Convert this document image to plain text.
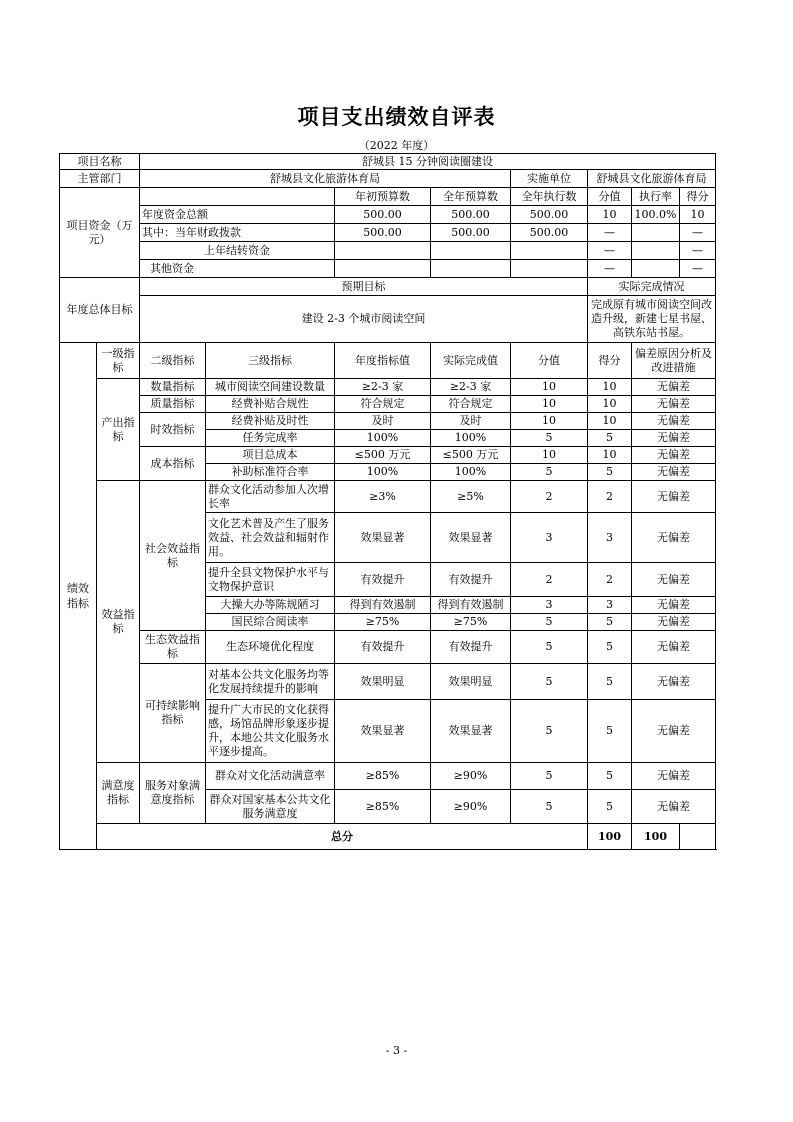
项目支出绩效自评表
（2022 年度）
项目名称		舒城县 15 分钟阅读圈建设							
主管部门		舒城县文化旅游体育局				实施单位	舒城县文化旅游体育局		
项目资金（万元）				年初预算数	全年预算数	全年执行数	分值	执行率	得分
		年度资金总额		500.00	500.00	500.00	10	100.0%	10
		其中：当年财政拨款		500.00	500.00	500.00	—		—
		上年结转资金					—		—
		其他资金					—		—
年度总体目标		预期目标					实际完成情况		
		建设 2-3 个城市阅读空间					完成原有城市阅读空间改造升级，新建七星书屋、高铁东站书屋。		
绩效指标	一级指标	二级指标	三级指标	年度指标值	实际完成值	分值	得分	偏差原因分析及改进措施	
	产出指标	数量指标	城市阅读空间建设数量	≥2-3 家	≥2-3 家	10	10	无偏差	
		质量指标	经费补贴合规性	符合规定	符合规定	10	10	无偏差	
		时效指标	经费补贴及时性	及时	及时	10	10	无偏差	
			任务完成率	100%	100%	5	5	无偏差	
		成本指标	项目总成本	≤500 万元	≤500 万元	10	10	无偏差	
			补助标准符合率	100%	100%	5	5	无偏差	
	效益指标	社会效益指标	群众文化活动参加人次增长率	≥3%	≥5%	2	2	无偏差	
			文化艺术普及产生了服务效益、社会效益和辐射作用。	效果显著	效果显著	3	3	无偏差	
			提升全县文物保护水平与文物保护意识	有效提升	有效提升	2	2	无偏差	
			大操大办等陈规陋习	得到有效遏制	得到有效遏制	3	3	无偏差	
			国民综合阅读率	≥75%	≥75%	5	5	无偏差	
		生态效益指标	生态环境优化程度	有效提升	有效提升	5	5	无偏差	
		可持续影响指标	对基本公共文化服务均等化发展持续提升的影响	效果明显	效果明显	5	5	无偏差	
			提升广大市民的文化获得感，场馆品牌形象逐步提升，本地公共文化服务水平逐步提高。	效果显著	效果显著	5	5	无偏差	
	满意度指标	服务对象满意度指标	群众对文化活动满意率	≥85%	≥90%	5	5	无偏差	
			群众对国家基本公共文化服务满意度	≥85%	≥90%	5	5	无偏差	
	总分						100	100	
- 3 -
